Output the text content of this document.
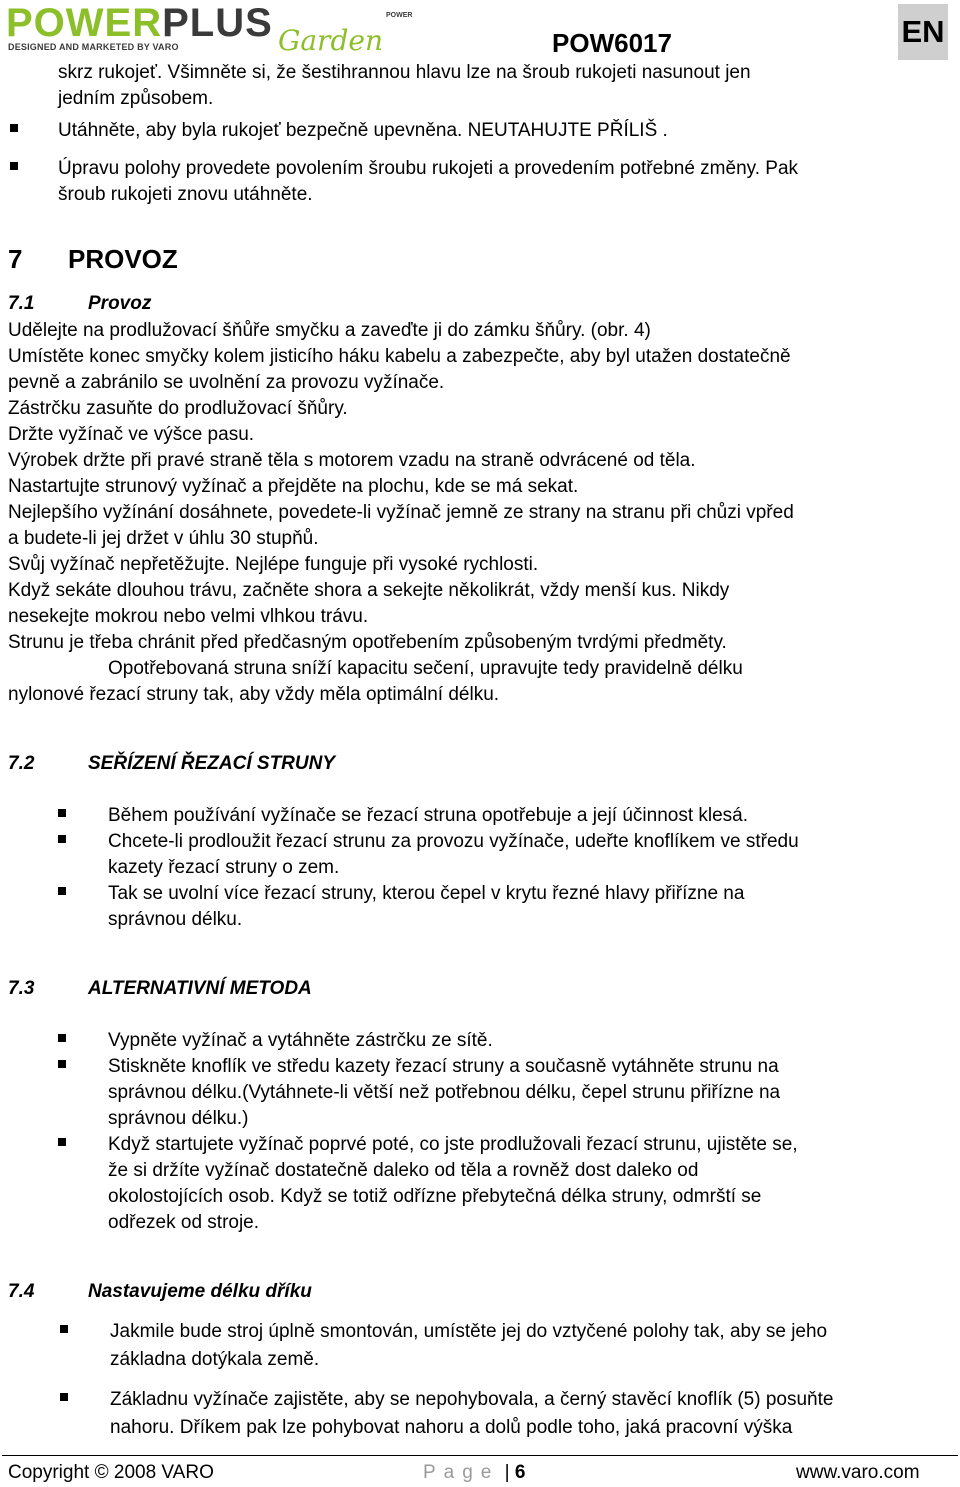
POWERPLUS
DESIGNED AND MARKETED BY VARO	Garden
POWER
POW6017	EN
skrz rukojeť. Všimněte si, že šestihrannou hlavu lze na šroub rukojeti nasunout jen
jedním způsobem.
Utáhněte, aby byla rukojeť bezpečně upevněna. NEUTAHUJTE PŘÍLIŠ .
Úpravu polohy provedete povolením šroubu rukojeti a provedením potřebné změny. Pak
šroub rukojeti znovu utáhněte.
7 PROVOZ
7.1	Provoz
Udělejte na prodlužovací šňůře smyčku a zaveďte ji do zámku šňůry. (obr. 4)
Umístěte konec smyčky kolem jisticího háku kabelu a zabezpečte, aby byl utažen dostatečně
pevně a zabránilo se uvolnění za provozu vyžínače.
Zástrčku zasuňte do prodlužovací šňůry.
Držte vyžínač ve výšce pasu.
Výrobek držte při pravé straně těla s motorem vzadu na straně odvrácené od těla.
Nastartujte strunový vyžínač a přejděte na plochu, kde se má sekat.
Nejlepšího vyžínání dosáhnete, povedete-li vyžínač jemně ze strany na stranu při chůzi vpřed
a budete-li jej držet v úhlu 30 stupňů.
Svůj vyžínač nepřetěžujte. Nejlépe funguje při vysoké rychlosti.
Když sekáte dlouhou trávu, začněte shora a sekejte několikrát, vždy menší kus. Nikdy
nesekejte mokrou nebo velmi vlhkou trávu.
Strunu je třeba chránit před předčasným opotřebením způsobeným tvrdými předměty.
Opotřebovaná struna sníží kapacitu sečení, upravujte tedy pravidelně délku
nylonové řezací struny tak, aby vždy měla optimální délku.
7.2	SEŘÍZENÍ ŘEZACÍ STRUNY
Během používání vyžínače se řezací struna opotřebuje a její účinnost klesá.
Chcete-li prodloužit řezací strunu za provozu vyžínače, udeřte knoflíkem ve středu
kazety řezací struny o zem.
Tak se uvolní více řezací struny, kterou čepel v krytu řezné hlavy přiřízne na
správnou délku.
7.3	ALTERNATIVNÍ METODA
Vypněte vyžínač a vytáhněte zástrčku ze sítě.
Stiskněte knoflík ve středu kazety řezací struny a současně vytáhněte strunu na
správnou délku.(Vytáhnete-li větší než potřebnou délku, čepel strunu přiřízne na
správnou délku.)
Když startujete vyžínač poprvé poté, co jste prodlužovali řezací strunu, ujistěte se,
že si držíte vyžínač dostatečně daleko od těla a rovněž dost daleko od
okolostojících osob. Když se totiž odřízne přebytečná délka struny, odmrští se
odřezek od stroje.
7.4	Nastavujeme délku dříku
Jakmile bude stroj úplně smontován, umístěte jej do vztyčené polohy tak, aby se jeho
základna dotýkala země.
Základnu vyžínače zajistěte, aby se nepohybovala, a černý stavěcí knoflík (5) posuňte
nahoru. Dříkem pak lze pohybovat nahoru a dolů podle toho, jaká pracovní výška
Copyright © 2008 VARO	Page | 6	www.varo.com
